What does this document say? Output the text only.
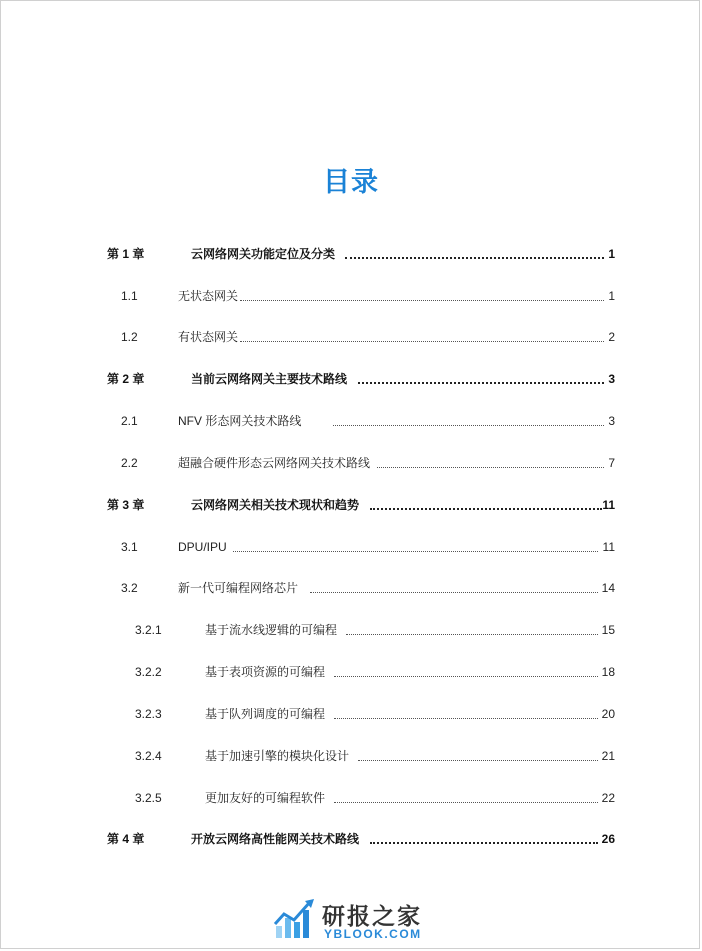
目录
第 1 章	云网络网关功能定位及分类	1
1.1	无状态网关	1
1.2	有状态网关	2
第 2 章	当前云网络网关主要技术路线	3
2.1	NFV 形态网关技术路线	3
2.2	超融合硬件形态云网络网关技术路线	7
第 3 章	云网络网关相关技术现状和趋势	11
3.1	DPU/IPU	11
3.2	新一代可编程网络芯片	14
3.2.1	基于流水线逻辑的可编程	15
3.2.2	基于表项资源的可编程	18
3.2.3	基于队列调度的可编程	20
3.2.4	基于加速引擎的模块化设计	21
3.2.5	更加友好的可编程软件	22
第 4 章	开放云网络高性能网关技术路线	26
研报之家
YBLOOK.COM
